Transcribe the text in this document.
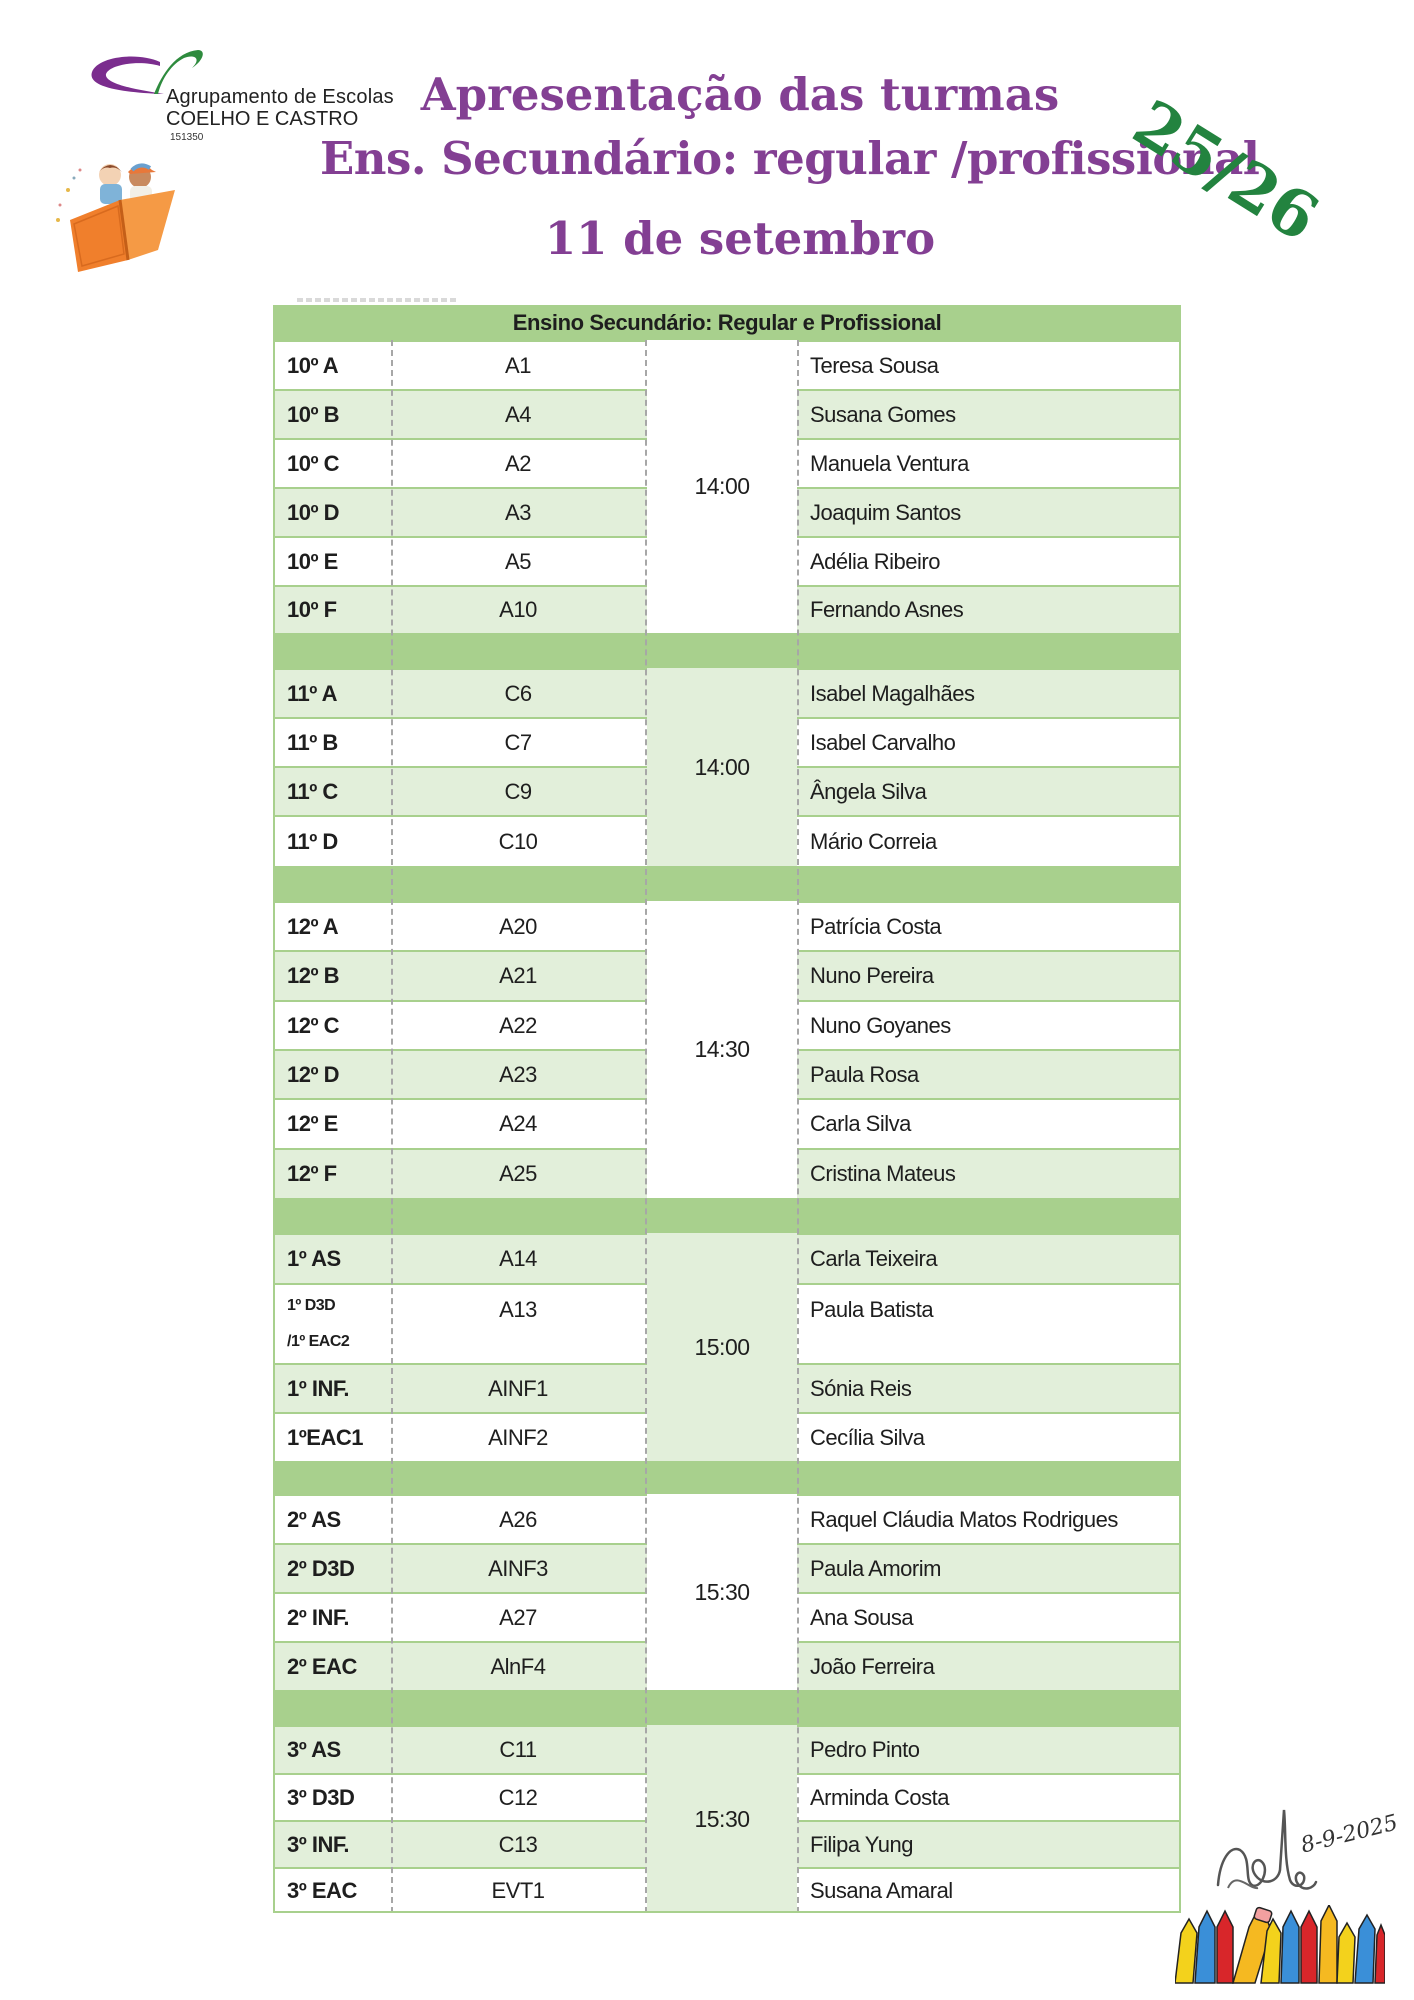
Agrupamento de Escolas
COELHO E CASTRO
151350
Apresentação das turmas
Ens. Secundário: regular /profissional
11 de setembro	25/26
Ensino Secundário: Regular e Profissional
10º A	A1	Teresa Sousa
10º B	A4	Susana Gomes
10º C	A2	Manuela Ventura
10º D	A3	Joaquim Santos
10º E	A5	Adélia Ribeiro
10º F	A10	Fernando Asnes
14:00
11º A	C6	Isabel Magalhães
11º B	C7	Isabel Carvalho
11º C	C9	Ângela Silva
11º D	C10	Mário Correia
14:00
12º A	A20	Patrícia Costa
12º B	A21	Nuno Pereira
12º C	A22	Nuno Goyanes
12º D	A23	Paula Rosa
12º E	A24	Carla Silva
12º F	A25	Cristina Mateus
14:30
1º AS	A14	Carla Teixeira
1º D3D
/1º EAC2
A13	Paula Batista
1º INF.	AINF1	Sónia Reis
1ºEAC1	AINF2	Cecília Silva
15:00
2º AS	A26	Raquel Cláudia Matos Rodrigues
2º D3D	AINF3	Paula Amorim
2º INF.	A27	Ana Sousa
2º EAC	AlnF4	João Ferreira
15:30
3º AS	C11	Pedro Pinto
3º D3D	C12	Arminda Costa
3º INF.	C13	Filipa Yung
3º EAC	EVT1	Susana Amaral
15:30	8-9-2025
